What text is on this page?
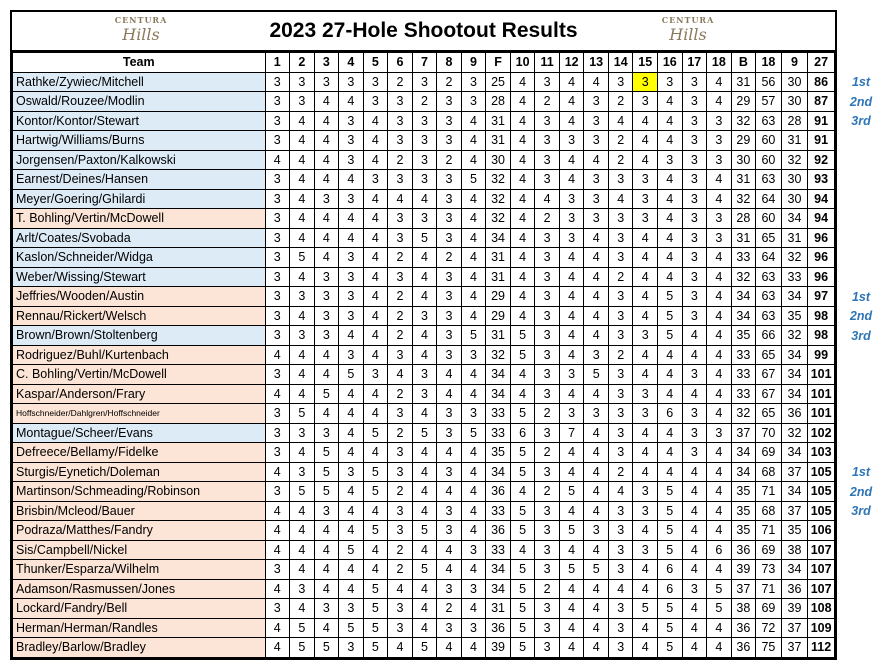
CENTURA
Hills	2023 27-Hole Shootout Results	CENTURA
Hills
Team	1	2	3	4	5	6	7	8	9	F	10	11	12	13	14	15	16	17	18	B	18	9	27
Rathke/Zywiec/Mitchell	3	3	3	3	3	2	3	2	3	25	4	3	4	4	3	3	3	3	4	31	56	30	86
Oswald/Rouzee/Modlin	3	3	4	4	3	3	2	3	3	28	4	2	4	3	2	3	4	3	4	29	57	30	87
Kontor/Kontor/Stewart	3	4	4	3	4	3	3	3	4	31	4	3	4	3	4	4	4	3	3	32	63	28	91
Hartwig/Williams/Burns	3	4	4	3	4	3	3	3	4	31	4	3	3	3	2	4	4	3	3	29	60	31	91
Jorgensen/Paxton/Kalkowski	4	4	4	3	4	2	3	2	4	30	4	3	4	4	2	4	3	3	3	30	60	32	92
Earnest/Deines/Hansen	3	4	4	4	3	3	3	3	5	32	4	3	4	3	3	3	4	3	4	31	63	30	93
Meyer/Goering/Ghilardi	3	4	3	3	4	4	4	3	4	32	4	4	3	3	4	3	4	3	4	32	64	30	94
T. Bohling/Vertin/McDowell	3	4	4	4	4	3	3	3	4	32	4	2	3	3	3	3	4	3	3	28	60	34	94
Arlt/Coates/Svobada	3	4	4	4	4	3	5	3	4	34	4	3	3	4	3	4	4	3	3	31	65	31	96
Kaslon/Schneider/Widga	3	5	4	3	4	2	4	2	4	31	4	3	4	4	3	4	4	3	4	33	64	32	96
Weber/Wissing/Stewart	3	4	3	3	4	3	4	3	4	31	4	3	4	4	2	4	4	3	4	32	63	33	96
Jeffries/Wooden/Austin	3	3	3	3	4	2	4	3	4	29	4	3	4	4	3	4	5	3	4	34	63	34	97
Rennau/Rickert/Welsch	3	4	3	3	4	2	3	3	4	29	4	3	4	4	3	4	5	3	4	34	63	35	98
Brown/Brown/Stoltenberg	3	3	3	4	4	2	4	3	5	31	5	3	4	4	3	3	5	4	4	35	66	32	98
Rodriguez/Buhl/Kurtenbach	4	4	4	3	4	3	4	3	3	32	5	3	4	3	2	4	4	4	4	33	65	34	99
C. Bohling/Vertin/McDowell	3	4	4	5	3	4	3	4	4	34	4	3	3	5	3	4	4	3	4	33	67	34	101
Kaspar/Anderson/Frary	4	4	5	4	4	2	3	4	4	34	4	3	4	4	3	3	4	4	4	33	67	34	101
Hoffschneider/Dahlgren/Hoffschneider	3	5	4	4	4	3	4	3	3	33	5	2	3	3	3	3	6	3	4	32	65	36	101
Montague/Scheer/Evans	3	3	3	4	5	2	5	3	5	33	6	3	7	4	3	4	4	3	3	37	70	32	102
Defreece/Bellamy/Fidelke	3	4	5	4	4	3	4	4	4	35	5	2	4	4	3	4	4	3	4	34	69	34	103
Sturgis/Eynetich/Doleman	4	3	5	3	5	3	4	3	4	34	5	3	4	4	2	4	4	4	4	34	68	37	105
Martinson/Schmeading/Robinson	3	5	5	4	5	2	4	4	4	36	4	2	5	4	4	3	5	4	4	35	71	34	105
Brisbin/Mcleod/Bauer	4	4	3	4	4	3	4	3	4	33	5	3	4	4	3	3	5	4	4	35	68	37	105
Podraza/Matthes/Fandry	4	4	4	4	5	3	5	3	4	36	5	3	5	3	3	4	5	4	4	35	71	35	106
Sis/Campbell/Nickel	4	4	4	5	4	2	4	4	3	33	4	3	4	4	3	3	5	4	6	36	69	38	107
Thunker/Esparza/Wilhelm	3	4	4	4	4	2	5	4	4	34	5	3	5	5	3	4	6	4	4	39	73	34	107
Adamson/Rasmussen/Jones	4	3	4	4	5	4	4	3	3	34	5	2	4	4	4	4	6	3	5	37	71	36	107
Lockard/Fandry/Bell	3	4	3	3	5	3	4	2	4	31	5	3	4	4	3	5	5	4	5	38	69	39	108
Herman/Herman/Randles	4	5	4	5	5	3	4	3	3	36	5	3	4	4	3	4	5	4	4	36	72	37	109
Bradley/Barlow/Bradley	4	5	5	3	5	4	5	4	4	39	5	3	4	4	3	4	5	4	4	36	75	37	112
1st
2nd
3rd
1st
2nd
3rd
1st
2nd
3rd
